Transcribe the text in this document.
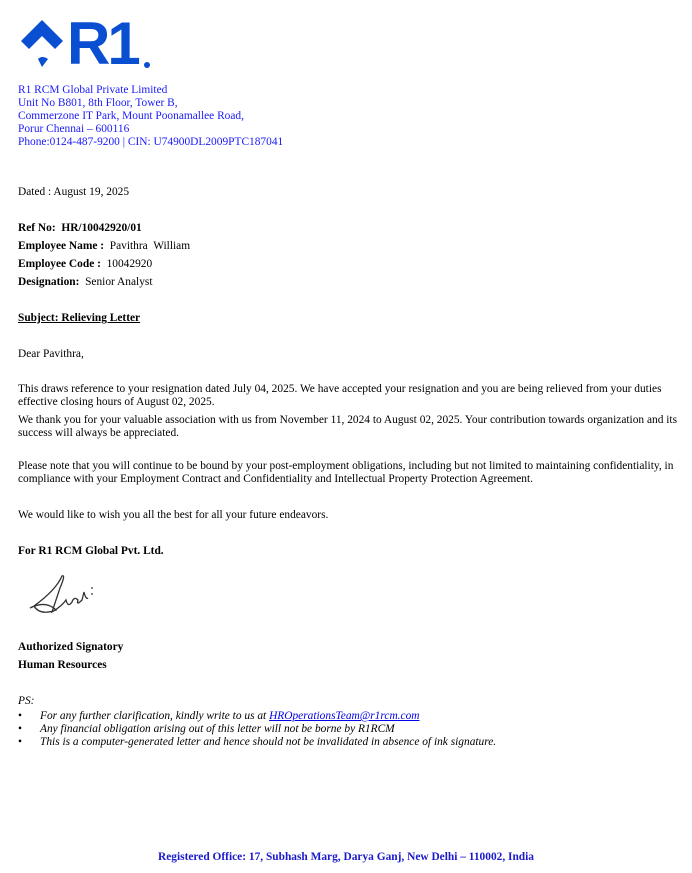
R1
R1 RCM Global Private Limited
Unit No B801, 8th Floor, Tower B,
Commerzone IT Park, Mount Poonamallee Road,
Porur Chennai – 600116
Phone:0124-487-9200 | CIN: U74900DL2009PTC187041
Dated : August 19, 2025
Ref No: HR/10042920/01
Employee Name : Pavithra  William
Employee Code : 10042920
Designation: Senior Analyst
Subject: Relieving Letter
Dear Pavithra,
This draws reference to your resignation dated July 04, 2025. We have accepted your resignation and you are being relieved from your duties effective closing hours of August 02, 2025.
We thank you for your valuable association with us from November 11, 2024 to August 02, 2025. Your contribution towards organization and its success will always be appreciated.
Please note that you will continue to be bound by your post-employment obligations, including but not limited to maintaining confidentiality, in compliance with your Employment Contract and Confidentiality and Intellectual Property Protection Agreement.
We would like to wish you all the best for all your future endeavors.
For R1 RCM Global Pvt. Ltd.
Authorized Signatory
Human Resources
PS:
• For any further clarification, kindly write to us at HROperationsTeam@r1rcm.com
• Any financial obligation arising out of this letter will not be borne by R1RCM
• This is a computer-generated letter and hence should not be invalidated in absence of ink signature.
Registered Office: 17, Subhash Marg, Darya Ganj, New Delhi – 110002, India
